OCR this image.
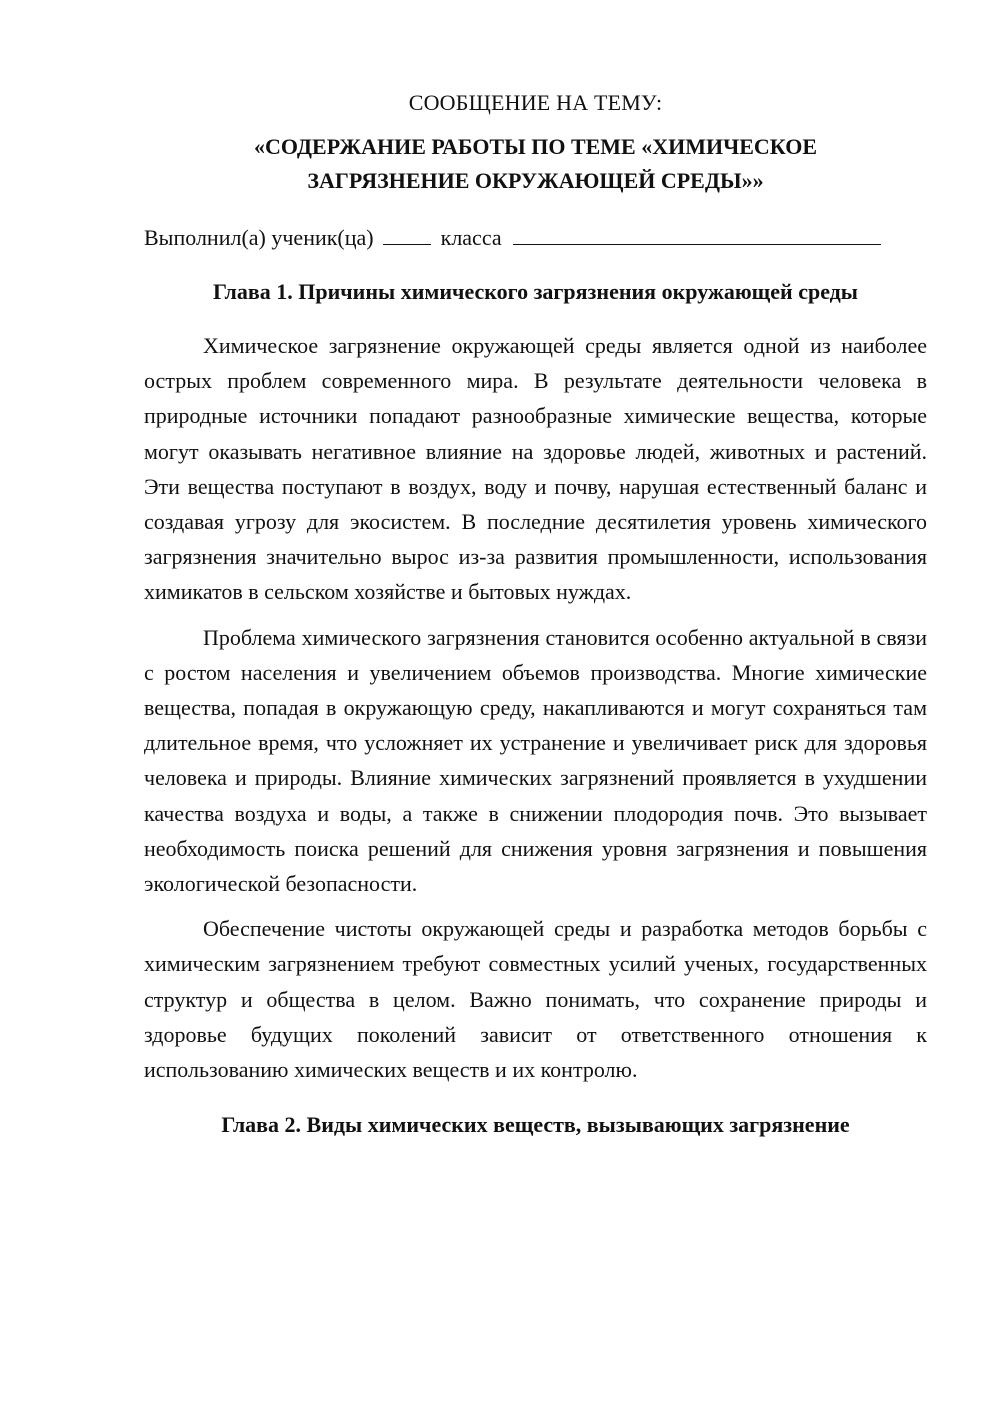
СООБЩЕНИЕ НА ТЕМУ:
«СОДЕРЖАНИЕ РАБОТЫ ПО ТЕМЕ «ХИМИЧЕСКОЕ
ЗАГРЯЗНЕНИЕ ОКРУЖАЮЩЕЙ СРЕДЫ»»
Выполнил(а) ученик(ца)	класса
Глава 1. Причины химического загрязнения окружающей среды

Химическое загрязнение окружающей среды является одной из наиболее острых проблем современного мира. В результате деятельности человека в природные источники попадают разнообразные химические вещества, которые могут оказывать негативное влияние на здоровье людей, животных и растений. Эти вещества поступают в воздух, воду и почву, нарушая естественный баланс и создавая угрозу для экосистем. В последние десятилетия уровень химического загрязнения значительно вырос из-за развития промышленности, использования химикатов в сельском хозяйстве и бытовых нуждах.

Проблема химического загрязнения становится особенно актуальной в связи с ростом населения и увеличением объемов производства. Многие химические вещества, попадая в окружающую среду, накапливаются и могут сохраняться там длительное время, что усложняет их устранение и увеличивает риск для здоровья человека и природы. Влияние химических загрязнений проявляется в ухудшении качества воздуха и воды, а также в снижении плодородия почв. Это вызывает необходимость поиска решений для снижения уровня загрязнения и повышения экологической безопасности.

Обеспечение чистоты окружающей среды и разработка методов борьбы с химическим загрязнением требуют совместных усилий ученых, государственных структур и общества в целом. Важно понимать, что сохранение природы и здоровье будущих поколений зависит от ответственного отношения к использованию химических веществ и их контролю.

Глава 2. Виды химических веществ, вызывающих загрязнение
